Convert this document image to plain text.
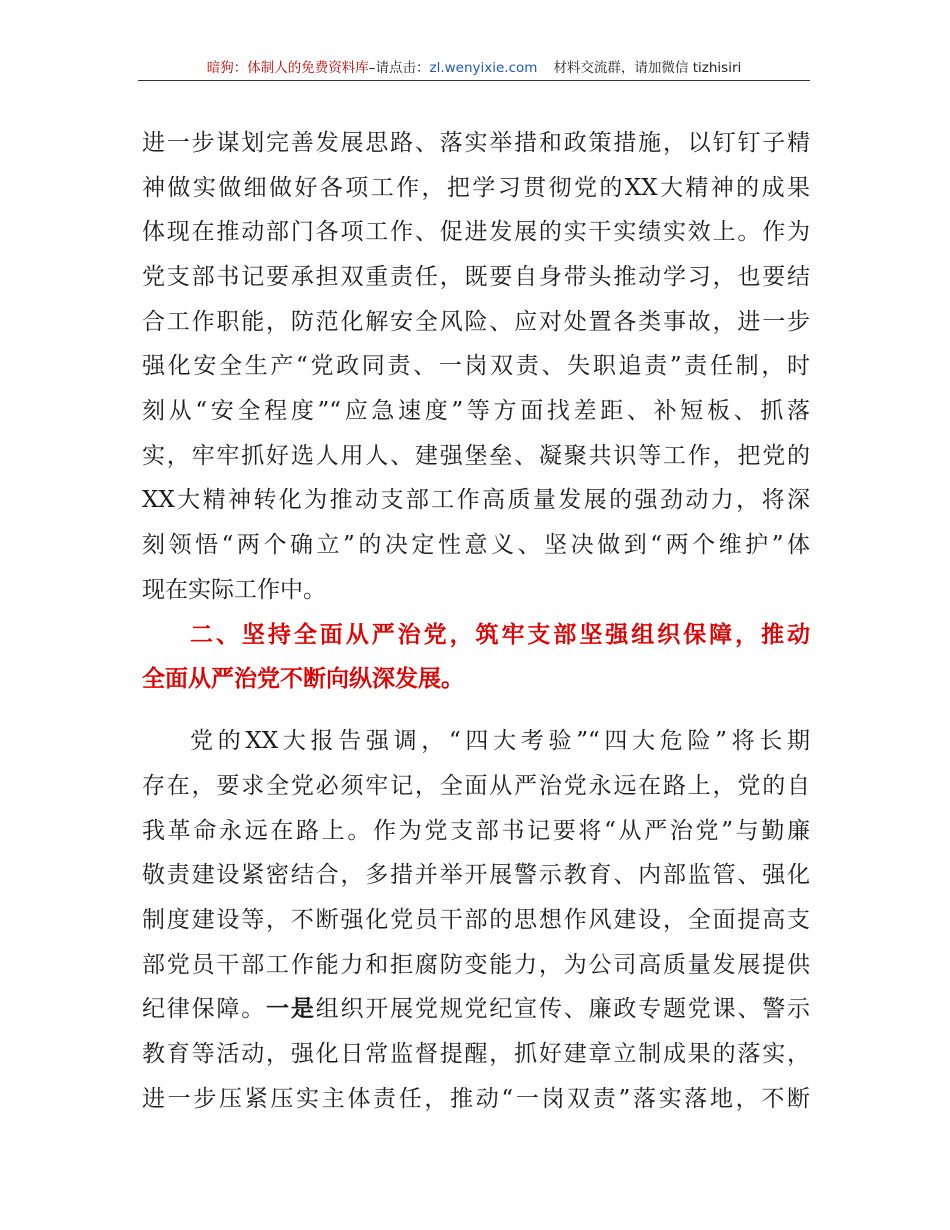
暗狗：体制人的免费资料库–请点击：zl.wenyixie.com 材料交流群，请加微信 tizhisiri
进一步谋划完善发展思路、落实举措和政策措施，以钉钉子精
神做实做细做好各项工作，把学习贯彻党的XX大精神的成果
体现在推动部门各项工作、促进发展的实干实绩实效上。作为
党支部书记要承担双重责任，既要自身带头推动学习，也要结
合工作职能，防范化解安全风险、应对处置各类事故，进一步
强化安全生产“党政同责、一岗双责、失职追责”责任制，时
刻从“安全程度”“应急速度”等方面找差距、补短板、抓落
实，牢牢抓好选人用人、建强堡垒、凝聚共识等工作，把党的
XX大精神转化为推动支部工作高质量发展的强劲动力，将深
刻领悟“两个确立”的决定性意义、坚决做到“两个维护”体
现在实际工作中。
二、坚持全面从严治党，筑牢支部坚强组织保障，推动
全面从严治党不断向纵深发展。
党的XX大报告强调，“四大考验”“四大危险”将长期
存在，要求全党必须牢记，全面从严治党永远在路上，党的自
我革命永远在路上。作为党支部书记要将“从严治党”与勤廉
敬责建设紧密结合，多措并举开展警示教育、内部监管、强化
制度建设等，不断强化党员干部的思想作风建设，全面提高支
部党员干部工作能力和拒腐防变能力，为公司高质量发展提供
纪律保障。一是组织开展党规党纪宣传、廉政专题党课、警示
教育等活动，强化日常监督提醒，抓好建章立制成果的落实，
进一步压紧压实主体责任，推动“一岗双责”落实落地，不断
